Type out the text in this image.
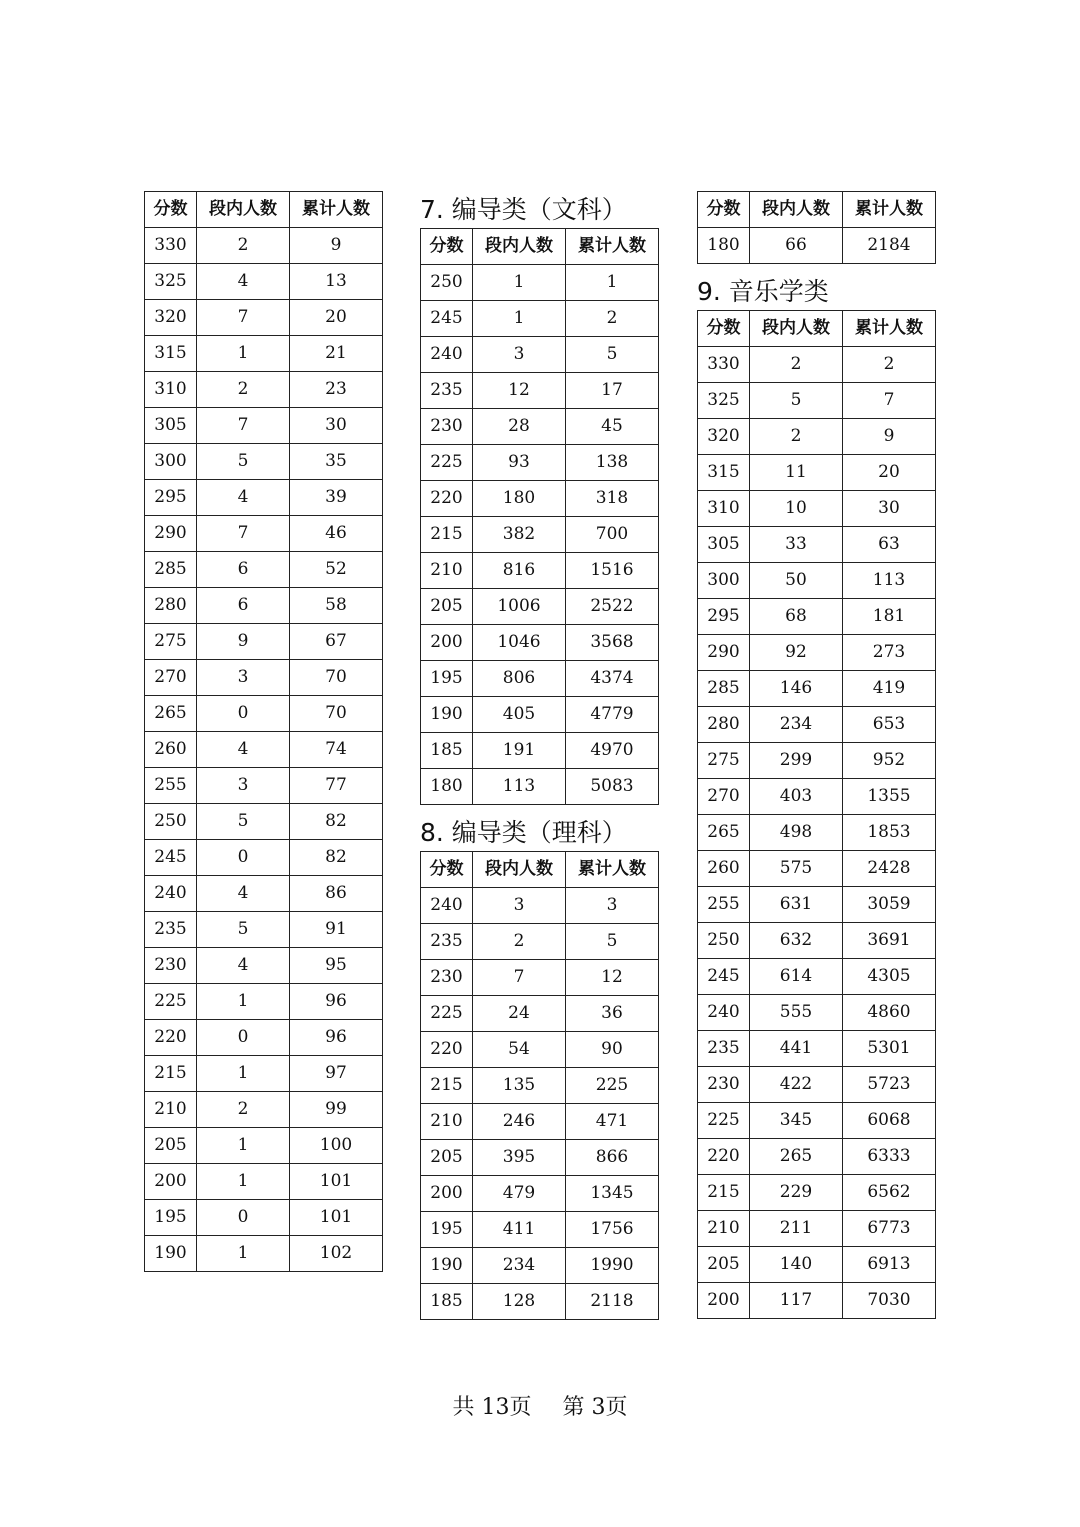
分数	段内人数	累计人数
330	2	9
325	4	13
320	7	20
315	1	21
310	2	23
305	7	30
300	5	35
295	4	39
290	7	46
285	6	52
280	6	58
275	9	67
270	3	70
265	0	70
260	4	74
255	3	77
250	5	82
245	0	82
240	4	86
235	5	91
230	4	95
225	1	96
220	0	96
215	1	97
210	2	99
205	1	100
200	1	101
195	0	101
190	1	102
7. 编导类（文科）
分数	段内人数	累计人数
250	1	1
245	1	2
240	3	5
235	12	17
230	28	45
225	93	138
220	180	318
215	382	700
210	816	1516
205	1006	2522
200	1046	3568
195	806	4374
190	405	4779
185	191	4970
180	113	5083
8. 编导类（理科）
分数	段内人数	累计人数
240	3	3
235	2	5
230	7	12
225	24	36
220	54	90
215	135	225
210	246	471
205	395	866
200	479	1345
195	411	1756
190	234	1990
185	128	2118
分数	段内人数	累计人数
180	66	2184
9. 音乐学类
分数	段内人数	累计人数
330	2	2
325	5	7
320	2	9
315	11	20
310	10	30
305	33	63
300	50	113
295	68	181
290	92	273
285	146	419
280	234	653
275	299	952
270	403	1355
265	498	1853
260	575	2428
255	631	3059
250	632	3691
245	614	4305
240	555	4860
235	441	5301
230	422	5723
225	345	6068
220	265	6333
215	229	6562
210	211	6773
205	140	6913
200	117	7030
共 13页 第 3页
